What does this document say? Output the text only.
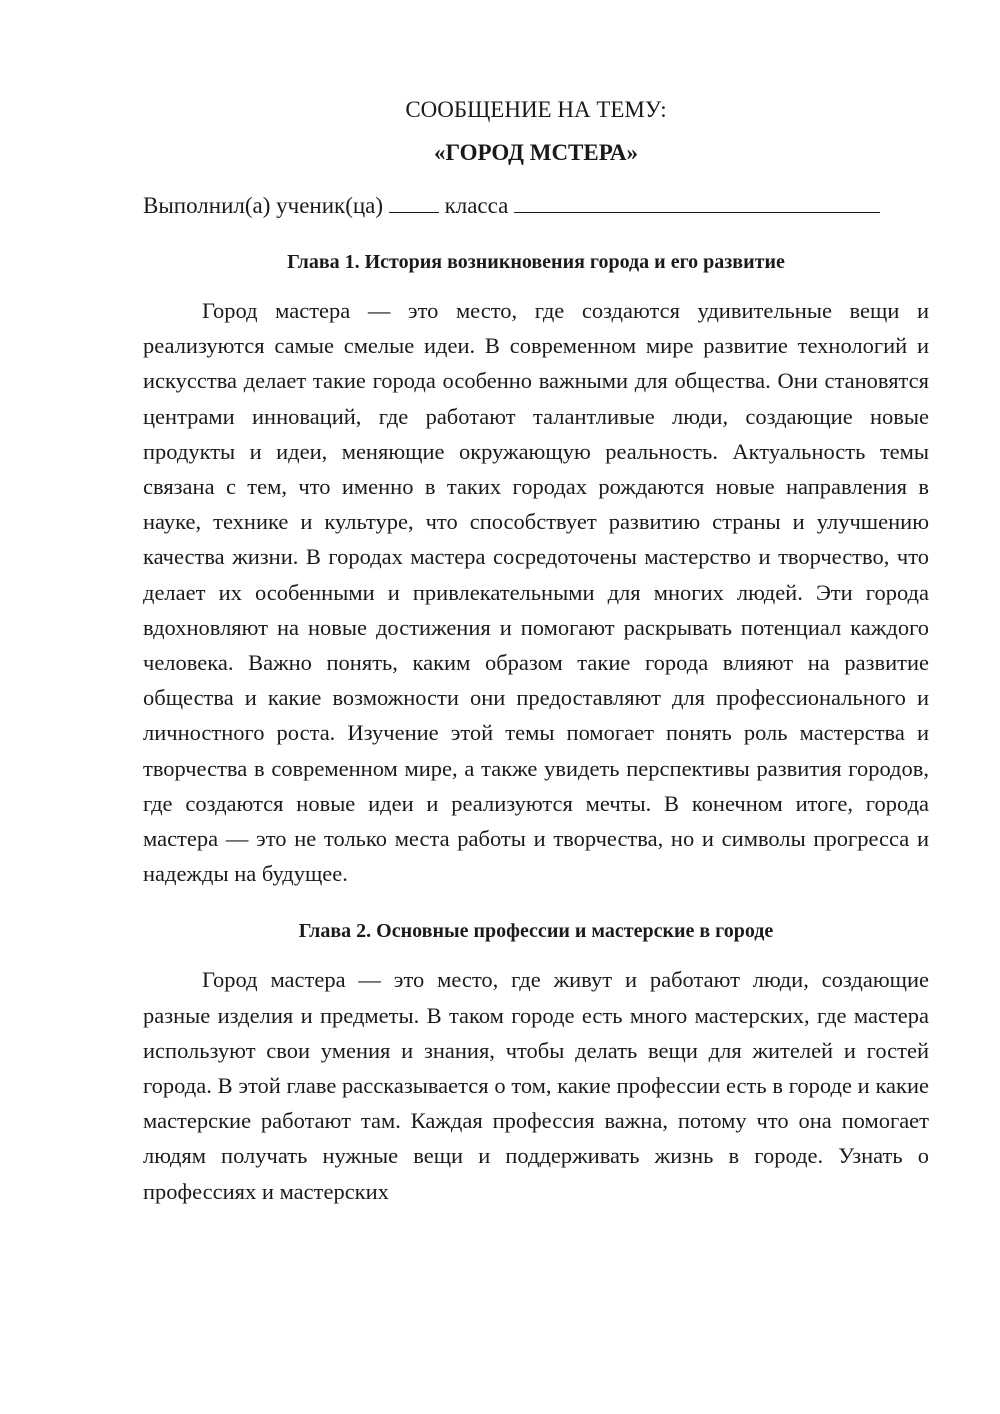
СООБЩЕНИЕ НА ТЕМУ:
«ГОРОД МСТЕРА»

Выполнил(а) ученик(ца)	класса

Глава 1. История возникновения города и его развитие

Город мастера — это место, где создаются удивительные вещи и реализуются самые смелые идеи. В современном мире развитие технологий и искусства делает такие города особенно важными для общества. Они становятся центрами инноваций, где работают талантливые люди, создающие новые продукты и идеи, меняющие окружающую реальность. Актуальность темы связана с тем, что именно в таких городах рождаются новые направления в науке, технике и культуре, что способствует развитию страны и улучшению качества жизни. В городах мастера сосредоточены мастерство и творчество, что делает их особенными и привлекательными для многих людей. Эти города вдохновляют на новые достижения и помогают раскрывать потенциал каждого человека. Важно понять, каким образом такие города влияют на развитие общества и какие возможности они предоставляют для профессионального и личностного роста. Изучение этой темы помогает понять роль мастерства и творчества в современном мире, а также увидеть перспективы развития городов, где создаются новые идеи и реализуются мечты. В конечном итоге, города мастера — это не только места работы и творчества, но и символы прогресса и надежды на будущее.

Глава 2. Основные профессии и мастерские в городе

Город мастера — это место, где живут и работают люди, создающие разные изделия и предметы. В таком городе есть много мастерских, где мастера используют свои умения и знания, чтобы делать вещи для жителей и гостей города. В этой главе рассказывается о том, какие профессии есть в городе и какие мастерские работают там. Каждая профессия важна, потому что она помогает людям получать нужные вещи и поддерживать жизнь в городе. Узнать о профессиях и мастерских
